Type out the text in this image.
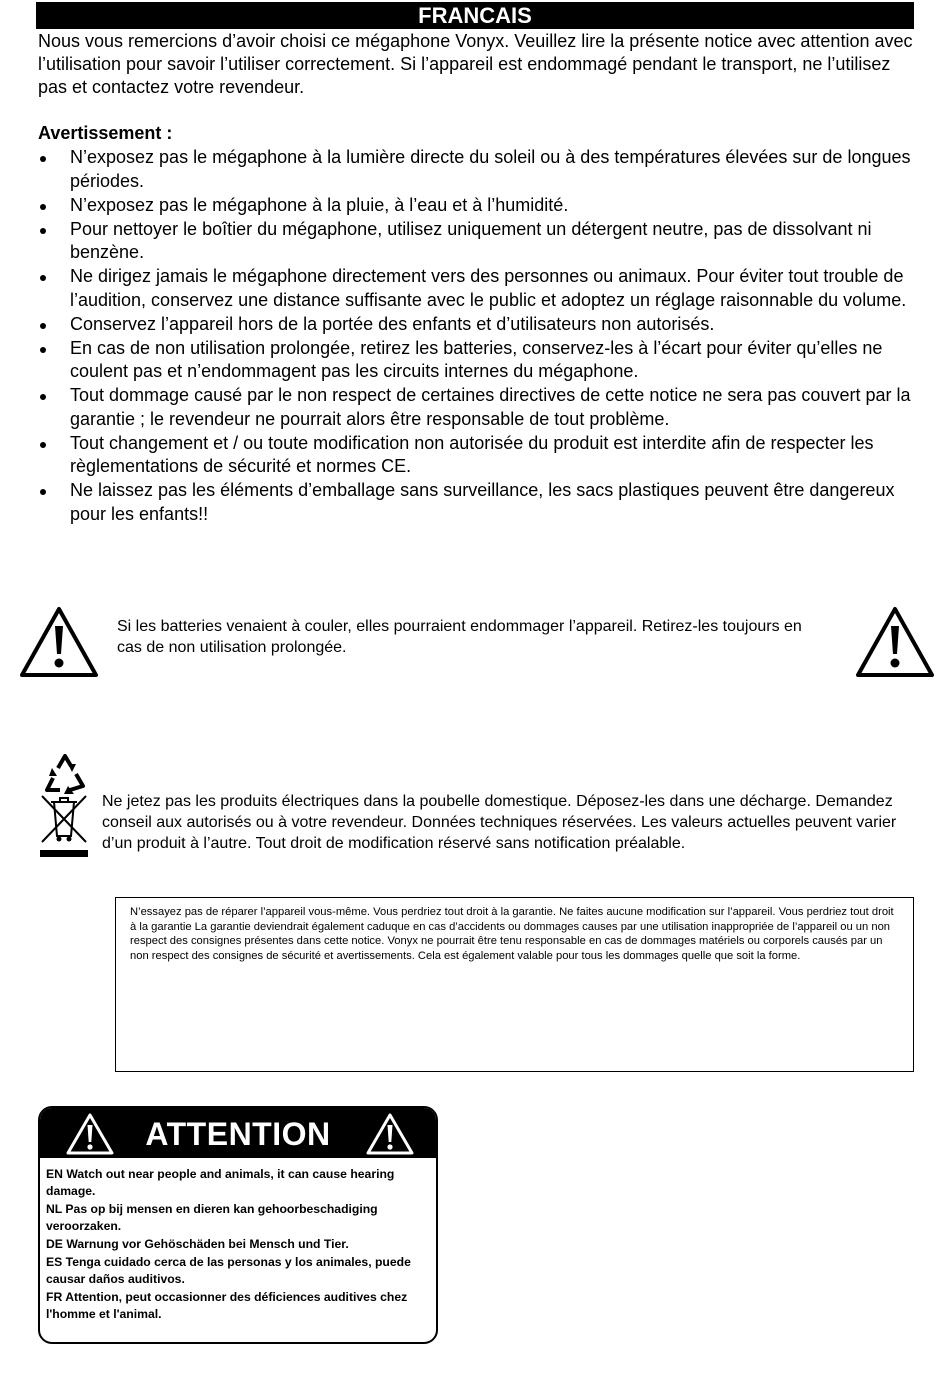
FRANCAIS

Nous vous remercions d’avoir choisi ce mégaphone Vonyx. Veuillez lire la présente notice avec attention avec l’utilisation pour savoir l’utiliser correctement. Si l’appareil est endommagé pendant le transport, ne l’utilisez pas et contactez votre revendeur.

Avertissement :

N’exposez pas le mégaphone à la lumière directe du soleil ou à des températures élevées sur de longues périodes.
N’exposez pas le mégaphone à la pluie, à l’eau et à l’humidité.
Pour nettoyer le boîtier du mégaphone, utilisez uniquement un détergent neutre, pas de dissolvant ni benzène.
Ne dirigez jamais le mégaphone directement vers des personnes ou animaux. Pour éviter tout trouble de l’audition, conservez une distance suffisante avec le public et adoptez un réglage raisonnable du volume.
Conservez l’appareil hors de la portée des enfants et d’utilisateurs non autorisés.
En cas de non utilisation prolongée, retirez les batteries, conservez-les à l’écart pour éviter qu’elles ne coulent pas et n’endommagent pas les circuits internes du mégaphone.
Tout dommage causé par le non respect de certaines directives de cette notice ne sera pas couvert par la garantie ; le revendeur ne pourrait alors être responsable de tout problème.
Tout changement et / ou toute modification non autorisée du produit est interdite afin de respecter les règlementations de sécurité et normes CE.
Ne laissez pas les éléments d’emballage sans surveillance, les sacs plastiques peuvent être dangereux pour les enfants!!

Si les batteries venaient à couler, elles pourraient endommager l’appareil. Retirez-les toujours en cas de non utilisation prolongée.

Ne jetez pas les produits électriques dans la poubelle domestique. Déposez-les dans une décharge. Demandez conseil aux autorisés ou à votre revendeur. Données techniques réservées. Les valeurs actuelles peuvent varier d’un produit à l’autre. Tout droit de modification réservé sans notification préalable.

N’essayez pas de réparer l’appareil vous-même. Vous perdriez tout droit à la garantie. Ne faites aucune modification sur l’appareil. Vous perdriez tout droit à la garantie La garantie deviendrait également caduque en cas d’accidents ou dommages causes par une utilisation inappropriée de l’appareil ou un non respect des consignes présentes dans cette notice. Vonyx ne pourrait être tenu responsable en cas de dommages matériels ou corporels causés par un non respect des consignes de sécurité et avertissements. Cela est également valable pour tous les dommages quelle que soit la forme.

ATTENTION

EN Watch out near people and animals, it can cause hearing damage.

NL Pas op bij mensen en dieren kan gehoorbeschadiging veroorzaken.

DE Warnung vor Gehöschäden bei Mensch und Tier.

ES Tenga cuidado cerca de las personas y los animales, puede causar daños auditivos.

FR Attention, peut occasionner des déficiences auditives chez l'homme et l'animal.
